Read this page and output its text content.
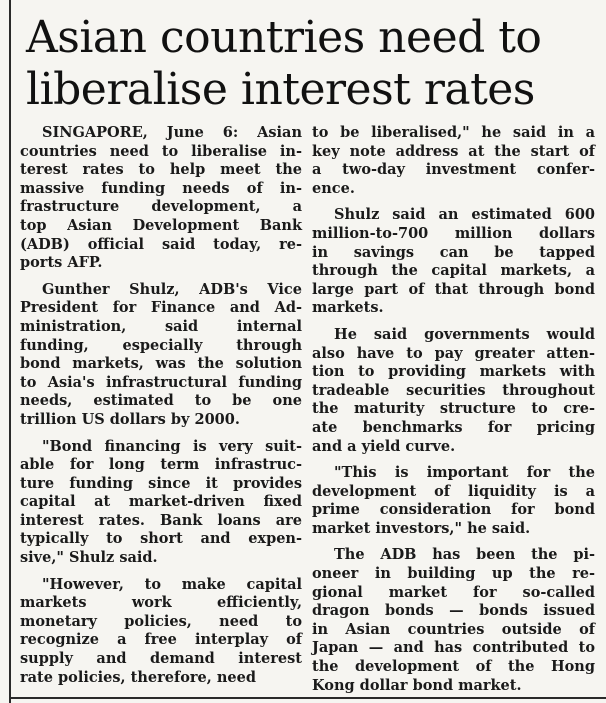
Asian countries need to
liberalise interest rates
SINGAPORE, June 6: Asian
countries need to liberalise in-
terest rates to help meet the
massive funding needs of in-
frastructure development, a
top Asian Development Bank
(ADB) official said today, re-
ports AFP.
Gunther Shulz, ADB's Vice
President for Finance and Ad-
ministration, said internal
funding, especially through
bond markets, was the solution
to Asia's infrastructural funding
needs, estimated to be one
trillion US dollars by 2000.
"Bond financing is very suit-
able for long term infrastruc-
ture funding since it provides
capital at market-driven fixed
interest rates. Bank loans are
typically to short and expen-
sive," Shulz said.
"However, to make capital
markets work efficiently,
monetary policies, need to
recognize a free interplay of
supply and demand interest
rate policies, therefore, need
to be liberalised," he said in a
key note address at the start of
a two-day investment confer-
ence.
Shulz said an estimated 600
million-to-700 million dollars
in savings can be tapped
through the capital markets, a
large part of that through bond
markets.
He said governments would
also have to pay greater atten-
tion to providing markets with
tradeable securities throughout
the maturity structure to cre-
ate benchmarks for pricing
and a yield curve.
"This is important for the
development of liquidity is a
prime consideration for bond
market investors," he said.
The ADB has been the pi-
oneer in building up the re-
gional market for so-called
dragon bonds — bonds issued
in Asian countries outside of
Japan — and has contributed to
the development of the Hong
Kong dollar bond market.
